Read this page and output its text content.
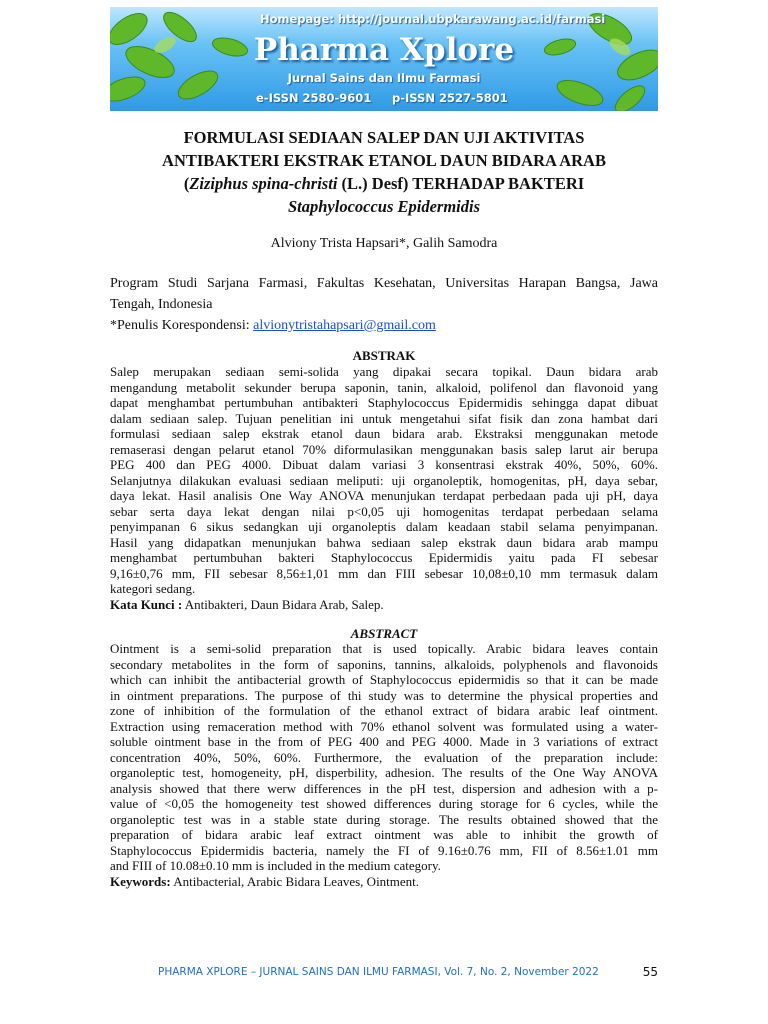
Homepage: http://journal.ubpkarawang.ac.id/farmasi
Pharma Xplore
Jurnal Sains dan Ilmu Farmasi
e-ISSN 2580-9601 p-ISSN 2527-5801
FORMULASI SEDIAAN SALEP DAN UJI AKTIVITAS
ANTIBAKTERI EKSTRAK ETANOL DAUN BIDARA ARAB
(Ziziphus spina-christi (L.) Desf) TERHADAP BAKTERI
Staphylococcus Epidermidis
Alviony Trista Hapsari*, Galih Samodra
Program Studi Sarjana Farmasi, Fakultas Kesehatan, Universitas Harapan Bangsa, Jawa
Tengah, Indonesia
*Penulis Korespondensi: alvionytristahapsari@gmail.com
ABSTRAK
Salep merupakan sediaan semi-solida yang dipakai secara topikal. Daun bidara arab
mengandung metabolit sekunder berupa saponin, tanin, alkaloid, polifenol dan flavonoid yang
dapat menghambat pertumbuhan antibakteri Staphylococcus Epidermidis sehingga dapat dibuat
dalam sediaan salep. Tujuan penelitian ini untuk mengetahui sifat fisik dan zona hambat dari
formulasi sediaan salep ekstrak etanol daun bidara arab. Ekstraksi menggunakan metode
remaserasi dengan pelarut etanol 70% diformulasikan menggunakan basis salep larut air berupa
PEG 400 dan PEG 4000. Dibuat dalam variasi 3 konsentrasi ekstrak 40%, 50%, 60%.
Selanjutnya dilakukan evaluasi sediaan meliputi: uji organoleptik, homogenitas, pH, daya sebar,
daya lekat. Hasil analisis One Way ANOVA menunjukan terdapat perbedaan pada uji pH, daya
sebar serta daya lekat dengan nilai p<0,05 uji homogenitas terdapat perbedaan selama
penyimpanan 6 sikus sedangkan uji organoleptis dalam keadaan stabil selama penyimpanan.
Hasil yang didapatkan menunjukan bahwa sediaan salep ekstrak daun bidara arab mampu
menghambat pertumbuhan bakteri Staphylococcus Epidermidis yaitu pada FI sebesar
9,16±0,76 mm, FII sebesar 8,56±1,01 mm dan FIII sebesar 10,08±0,10 mm termasuk dalam
kategori sedang.
Kata Kunci : Antibakteri, Daun Bidara Arab, Salep.
ABSTRACT
Ointment is a semi-solid preparation that is used topically. Arabic bidara leaves contain
secondary metabolites in the form of saponins, tannins, alkaloids, polyphenols and flavonoids
which can inhibit the antibacterial growth of Staphylococcus epidermidis so that it can be made
in ointment preparations. The purpose of thi study was to determine the physical properties and
zone of inhibition of the formulation of the ethanol extract of bidara arabic leaf ointment.
Extraction using remaceration method with 70% ethanol solvent was formulated using a water-
soluble ointment base in the from of PEG 400 and PEG 4000. Made in 3 variations of extract
concentration 40%, 50%, 60%. Furthermore, the evaluation of the preparation include:
organoleptic test, homogeneity, pH, disperbility, adhesion. The results of the One Way ANOVA
analysis showed that there werw differences in the pH test, dispersion and adhesion with a p-
value of <0,05 the homogeneity test showed differences during storage for 6 cycles, while the
organoleptic test was in a stable state during storage. The results obtained showed that the
preparation of bidara arabic leaf extract ointment was able to inhibit the growth of
Staphylococcus Epidermidis bacteria, namely the FI of 9.16±0.76 mm, FII of 8.56±1.01 mm
and FIII of 10.08±0.10 mm is included in the medium category.
Keywords: Antibacterial, Arabic Bidara Leaves, Ointment.
PHARMA XPLORE – JURNAL SAINS DAN ILMU FARMASI, Vol. 7, No. 2, November 2022	55
